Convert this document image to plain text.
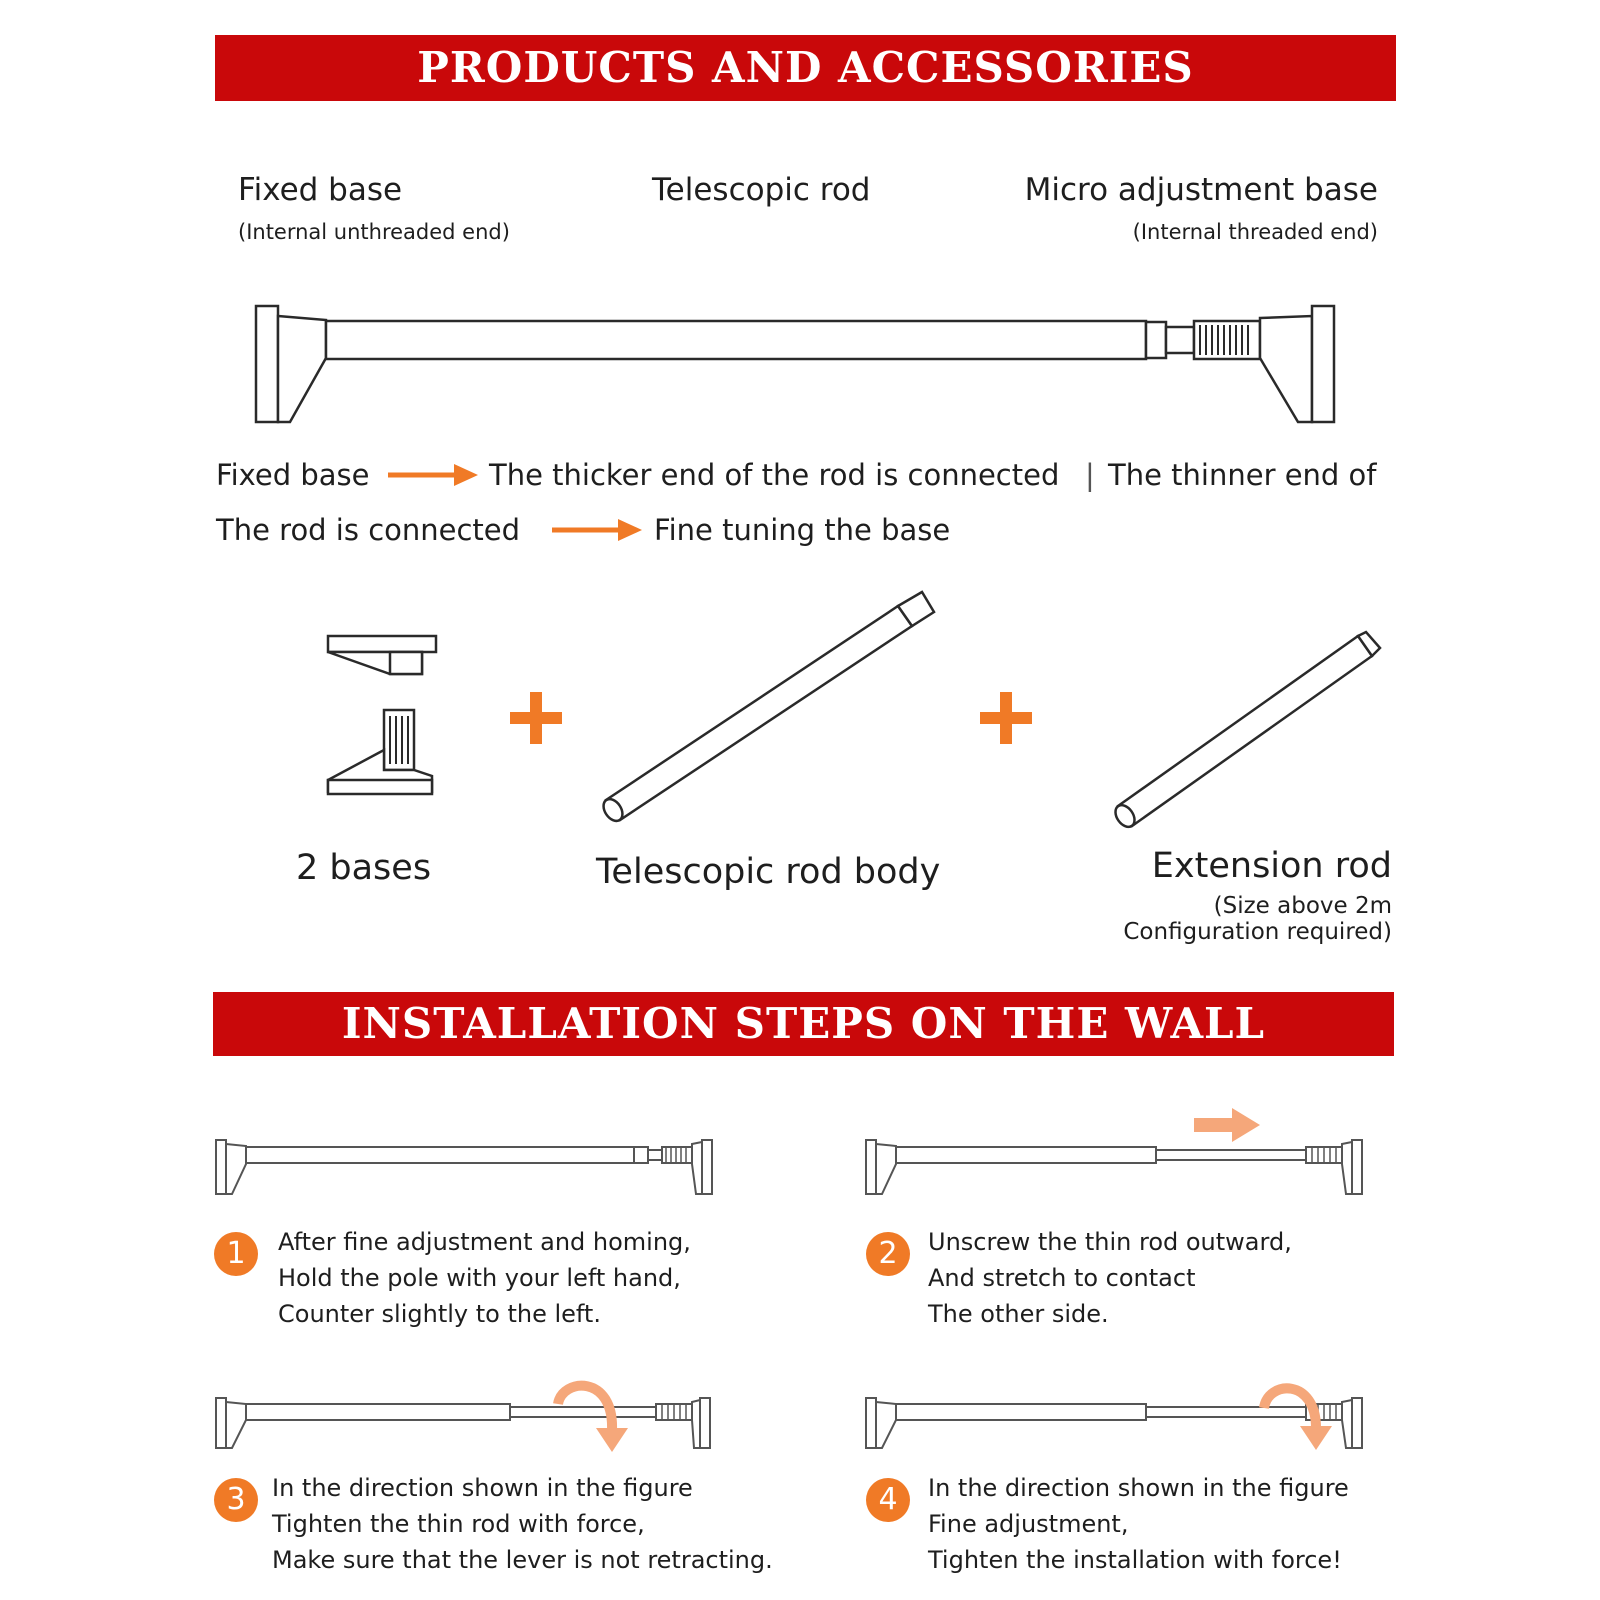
PRODUCTS AND ACCESSORIES
Fixed base
(Internal unthreaded end)
Telescopic rod	Micro adjustment base
(Internal threaded end)
Fixed base	The thicker end of the rod is connected | The thinner end of
The rod is connected	Fine tuning the base
2 bases	Telescopic rod body	Extension rod
(Size above 2m
Configuration required)
INSTALLATION STEPS ON THE WALL
1	After fine adjustment and homing,
Hold the pole with your left hand,
Counter slightly to the left.
2	Unscrew the thin rod outward,
And stretch to contact
The other side.
3	In the direction shown in the figure
Tighten the thin rod with force,
Make sure that the lever is not retracting.
4	In the direction shown in the figure
Fine adjustment,
Tighten the installation with force!
